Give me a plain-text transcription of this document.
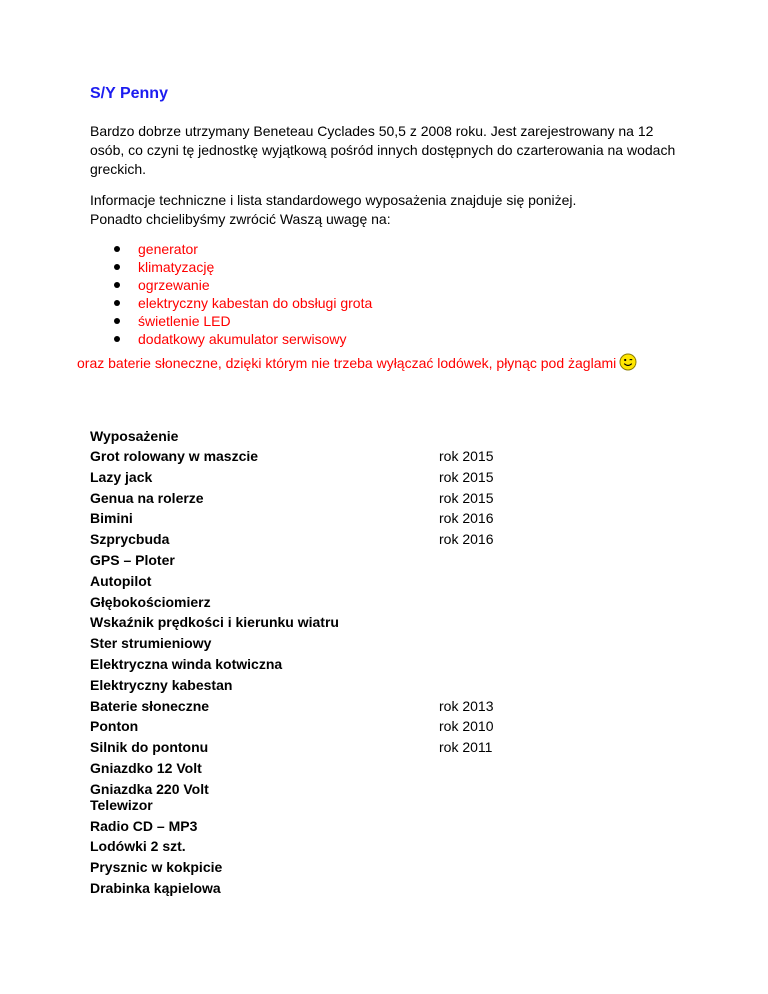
S/Y Penny

Bardzo dobrze utrzymany Beneteau Cyclades 50,5 z 2008 roku. Jest zarejestrowany na 12 osób, co czyni tę jednostkę wyjątkową pośród innych dostępnych do czarterowania na wodach greckich.

Informacje techniczne i lista standardowego wyposażenia znajduje się poniżej.
Ponadto chcielibyśmy zwrócić Waszą uwagę na:

generator
klimatyzację
ogrzewanie
elektryczny kabestan do obsługi grota
świetlenie LED
dodatkowy akumulator serwisowy

oraz baterie słoneczne, dzięki którym nie trzeba wyłączać lodówek, płynąc pod żaglami

Wyposażenie
Grot rolowany w maszcie	rok 2015
Lazy jack	rok 2015
Genua na rolerze	rok 2015
Bimini	rok 2016
Szprycbuda	rok 2016
GPS – Ploter
Autopilot
Głębokościomierz
Wskaźnik prędkości i kierunku wiatru
Ster strumieniowy
Elektryczna winda kotwiczna
Elektryczny kabestan
Baterie słoneczne	rok 2013
Ponton	rok 2010
Silnik do pontonu	rok 2011
Gniazdko 12 Volt
Gniazdka 220 Volt
Telewizor
Radio CD – MP3
Lodówki 2 szt.
Prysznic w kokpicie
Drabinka kąpielowa
